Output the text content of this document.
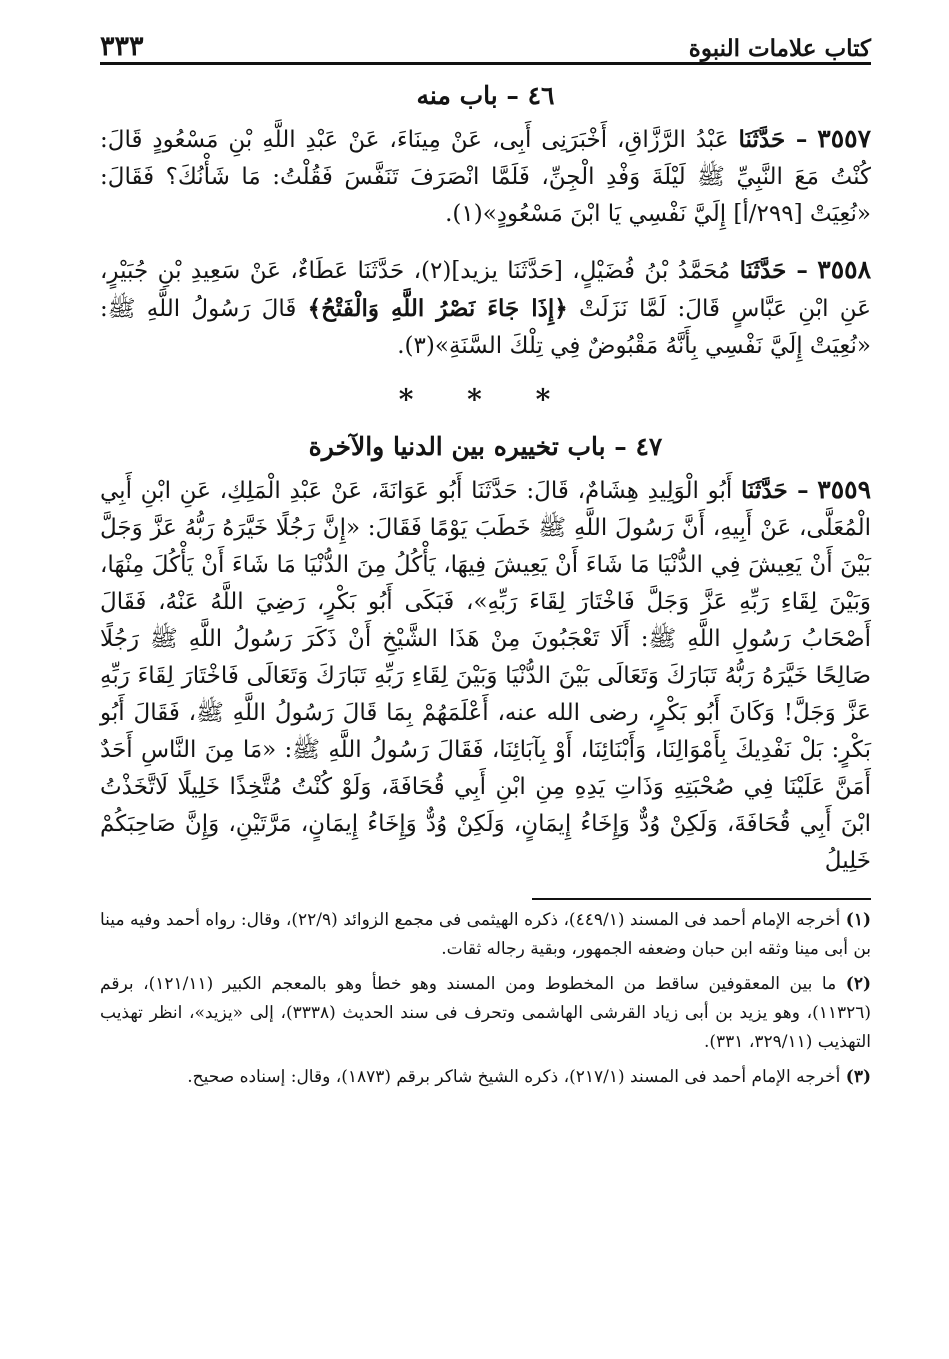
كتاب علامات النبوة
٣٣٣
٤٦ – باب منه

٣٥٥٧ – حَدَّثَنَا عَبْدُ الرَّزَّاقِ، أَخْبَرَنِى أَبِى، عَنْ مِينَاءَ، عَنْ عَبْدِ اللَّهِ بْنِ مَسْعُودٍ قَالَ: كُنْتُ مَعَ النَّبِيِّ ﷺ لَيْلَةَ وَفْدِ الْجِنِّ، فَلَمَّا انْصَرَفَ تَنَفَّسَ فَقُلْتُ: مَا شَأْنُكَ؟ فَقَالَ: «نُعِيَتْ [٢٩٩/أ] إِلَيَّ نَفْسِي يَا ابْنَ مَسْعُودٍ»(١).

٣٥٥٨ – حَدَّثَنَا مُحَمَّدُ بْنُ فُضَيْلٍ، [حَدَّثَنَا يزيد](٢)، حَدَّثَنَا عَطَاءٌ، عَنْ سَعِيدِ بْنِ جُبَيْرٍ، عَنِ ابْنِ عَبَّاسٍ قَالَ: لَمَّا نَزَلَتْ ﴿إِذَا جَاءَ نَصْرُ اللَّهِ وَالْفَتْحُ﴾ قَالَ رَسُولُ اللَّهِ ﷺ: «نُعِيَتْ إِلَيَّ نَفْسِي بِأَنَّهُ مَقْبُوضٌ فِي تِلْكَ السَّنَةِ»(٣).

* * *
٤٧ – باب تخييره بين الدنيا والآخرة

٣٥٥٩ – حَدَّثَنَا أَبُو الْوَلِيدِ هِشَامٌ، قَالَ: حَدَّثَنَا أَبُو عَوَانَةَ، عَنْ عَبْدِ الْمَلِكِ، عَنِ ابْنِ أَبِي الْمُعَلَّى، عَنْ أَبِيهِ، أَنَّ رَسُولَ اللَّهِ ﷺ خَطَبَ يَوْمًا فَقَالَ: «إِنَّ رَجُلًا خَيَّرَهُ رَبُّهُ عَزَّ وَجَلَّ بَيْنَ أَنْ يَعِيشَ فِي الدُّنْيَا مَا شَاءَ أَنْ يَعِيشَ فِيهَا، يَأْكُلُ مِنَ الدُّنْيَا مَا شَاءَ أَنْ يَأْكُلَ مِنْهَا، وَبَيْنَ لِقَاءِ رَبِّهِ عَزَّ وَجَلَّ فَاخْتَارَ لِقَاءَ رَبِّهِ»، فَبَكَى أَبُو بَكْرٍ، رَضِيَ اللَّهُ عَنْهُ، فَقَالَ أَصْحَابُ رَسُولِ اللَّهِ ﷺ: أَلَا تَعْجَبُونَ مِنْ هَذَا الشَّيْخِ أَنْ ذَكَرَ رَسُولُ اللَّهِ ﷺ رَجُلًا صَالِحًا خَيَّرَهُ رَبُّهُ تَبَارَكَ وَتَعَالَى بَيْنَ الدُّنْيَا وَبَيْنَ لِقَاءِ رَبِّهِ تَبَارَكَ وَتَعَالَى فَاخْتَارَ لِقَاءَ رَبِّهِ عَزَّ وَجَلَّ! وَكَانَ أَبُو بَكْرٍ، رضى الله عنه، أَعْلَمَهُمْ بِمَا قَالَ رَسُولُ اللَّهِ ﷺ، فَقَالَ أَبُو بَكْرٍ: بَلْ نَفْدِيكَ بِأَمْوَالِنَا، وَأَبْنَائِنَا، أَوْ بِآبَائِنَا، فَقَالَ رَسُولُ اللَّهِ ﷺ: «مَا مِنَ النَّاسِ أَحَدٌ أَمَنَّ عَلَيْنَا فِي صُحْبَتِهِ وَذَاتِ يَدِهِ مِنِ ابْنِ أَبِي قُحَافَةَ، وَلَوْ كُنْتُ مُتَّخِذًا خَلِيلًا لَاتَّخَذْتُ ابْنَ أَبِي قُحَافَةَ، وَلَكِنْ وُدٌّ وَإِخَاءُ إِيمَانٍ، وَلَكِنْ وُدٌّ وَإِخَاءُ إِيمَانٍ، مَرَّتَيْنِ، وَإِنَّ صَاحِبَكُمْ خَلِيلُ

(١) أخرجه الإمام أحمد فى المسند (٤٤٩/١)، ذكره الهيثمى فى مجمع الزوائد (٢٢/٩)، وقال: رواه أحمد وفيه مينا بن أبى مينا وثقه ابن حبان وضعفه الجمهور، وبقية رجاله ثقات.

(٢) ما بين المعقوفين ساقط من المخطوط ومن المسند وهو خطأ وهو بالمعجم الكبير (١٢١/١١)، برقم (١١٣٢٦)، وهو يزيد بن أبى زياد القرشى الهاشمى وتحرف فى سند الحديث (٣٣٣٨)، إلى «يزيد»، انظر تهذيب التهذيب (٣٢٩/١١، ٣٣١).

(٣) أخرجه الإمام أحمد فى المسند (٢١٧/١)، ذكره الشيخ شاكر برقم (١٨٧٣)، وقال: إسناده صحيح.
